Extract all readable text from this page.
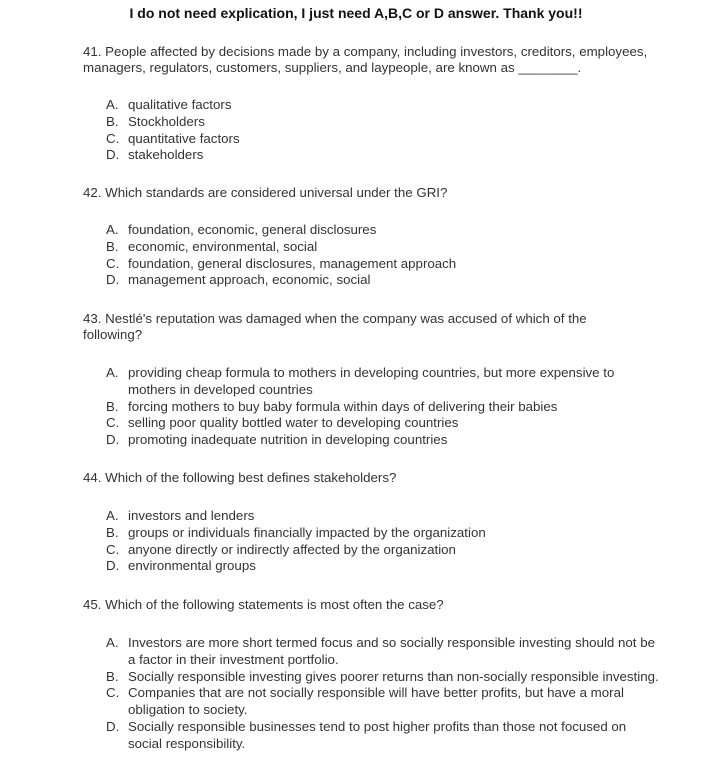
I do not need explication, I just need A,B,C or D answer. Thank you!!
41. People affected by decisions made by a company, including investors, creditors, employees, managers, regulators, customers, suppliers, and laypeople, are known as ________.
A. qualitative factors
B. Stockholders
C. quantitative factors
D. stakeholders
42. Which standards are considered universal under the GRI?
A. foundation, economic, general disclosures
B. economic, environmental, social
C. foundation, general disclosures, management approach
D. management approach, economic, social
43. Nestlé's reputation was damaged when the company was accused of which of the following?
A. providing cheap formula to mothers in developing countries, but more expensive to mothers in developed countries
B. forcing mothers to buy baby formula within days of delivering their babies
C. selling poor quality bottled water to developing countries
D. promoting inadequate nutrition in developing countries
44. Which of the following best defines stakeholders?
A. investors and lenders
B. groups or individuals financially impacted by the organization
C. anyone directly or indirectly affected by the organization
D. environmental groups
45. Which of the following statements is most often the case?
A. Investors are more short termed focus and so socially responsible investing should not be a factor in their investment portfolio.
B. Socially responsible investing gives poorer returns than non-socially responsible investing.
C. Companies that are not socially responsible will have better profits, but have a moral obligation to society.
D. Socially responsible businesses tend to post higher profits than those not focused on social responsibility.
